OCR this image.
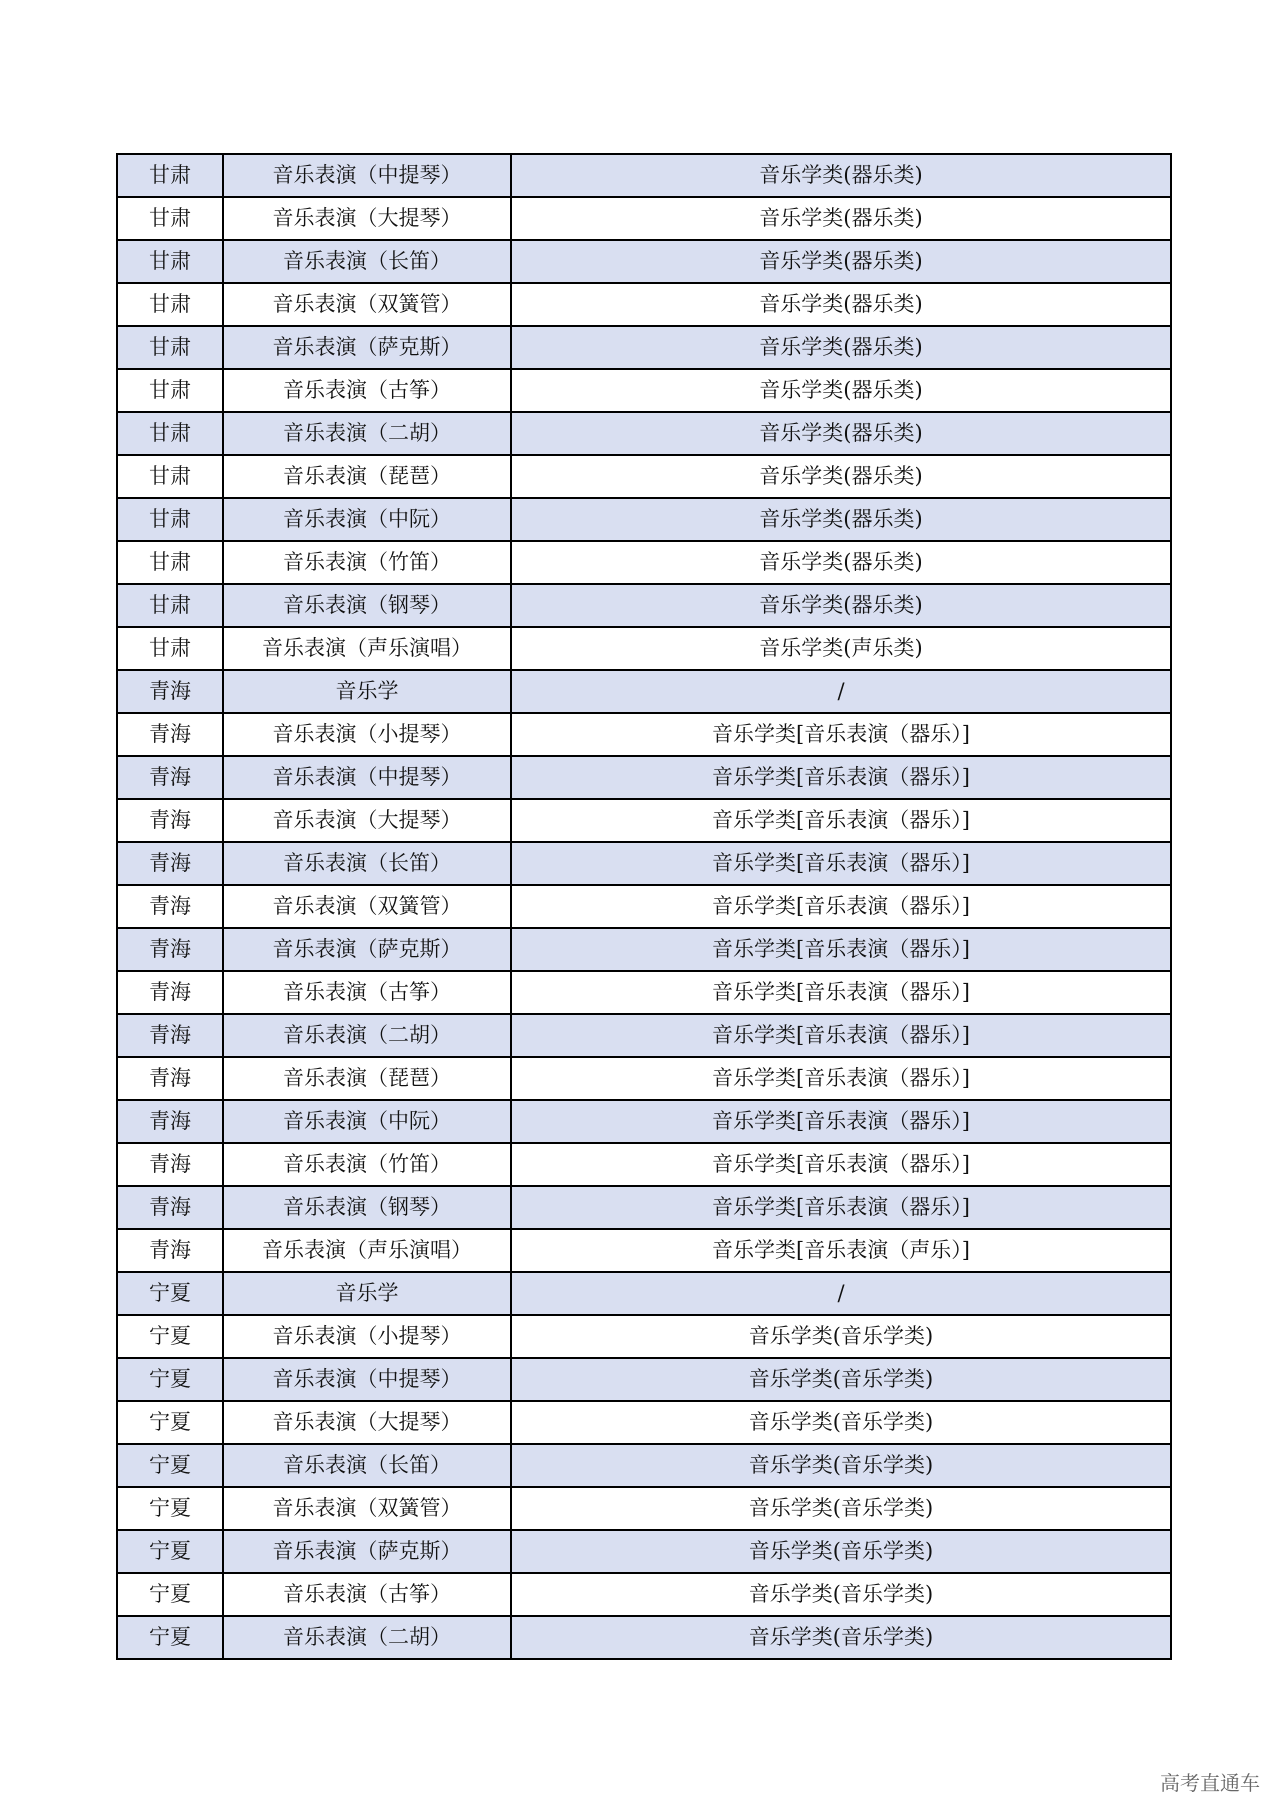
甘肃	音乐表演（中提琴）	音乐学类(器乐类)
甘肃	音乐表演（大提琴）	音乐学类(器乐类)
甘肃	音乐表演（长笛）	音乐学类(器乐类)
甘肃	音乐表演（双簧管）	音乐学类(器乐类)
甘肃	音乐表演（萨克斯）	音乐学类(器乐类)
甘肃	音乐表演（古筝）	音乐学类(器乐类)
甘肃	音乐表演（二胡）	音乐学类(器乐类)
甘肃	音乐表演（琵琶）	音乐学类(器乐类)
甘肃	音乐表演（中阮）	音乐学类(器乐类)
甘肃	音乐表演（竹笛）	音乐学类(器乐类)
甘肃	音乐表演（钢琴）	音乐学类(器乐类)
甘肃	音乐表演（声乐演唱）	音乐学类(声乐类)
青海	音乐学	/
青海	音乐表演（小提琴）	音乐学类[音乐表演（器乐）]
青海	音乐表演（中提琴）	音乐学类[音乐表演（器乐）]
青海	音乐表演（大提琴）	音乐学类[音乐表演（器乐）]
青海	音乐表演（长笛）	音乐学类[音乐表演（器乐）]
青海	音乐表演（双簧管）	音乐学类[音乐表演（器乐）]
青海	音乐表演（萨克斯）	音乐学类[音乐表演（器乐）]
青海	音乐表演（古筝）	音乐学类[音乐表演（器乐）]
青海	音乐表演（二胡）	音乐学类[音乐表演（器乐）]
青海	音乐表演（琵琶）	音乐学类[音乐表演（器乐）]
青海	音乐表演（中阮）	音乐学类[音乐表演（器乐）]
青海	音乐表演（竹笛）	音乐学类[音乐表演（器乐）]
青海	音乐表演（钢琴）	音乐学类[音乐表演（器乐）]
青海	音乐表演（声乐演唱）	音乐学类[音乐表演（声乐）]
宁夏	音乐学	/
宁夏	音乐表演（小提琴）	音乐学类(音乐学类)
宁夏	音乐表演（中提琴）	音乐学类(音乐学类)
宁夏	音乐表演（大提琴）	音乐学类(音乐学类)
宁夏	音乐表演（长笛）	音乐学类(音乐学类)
宁夏	音乐表演（双簧管）	音乐学类(音乐学类)
宁夏	音乐表演（萨克斯）	音乐学类(音乐学类)
宁夏	音乐表演（古筝）	音乐学类(音乐学类)
宁夏	音乐表演（二胡）	音乐学类(音乐学类)
高考直通车
